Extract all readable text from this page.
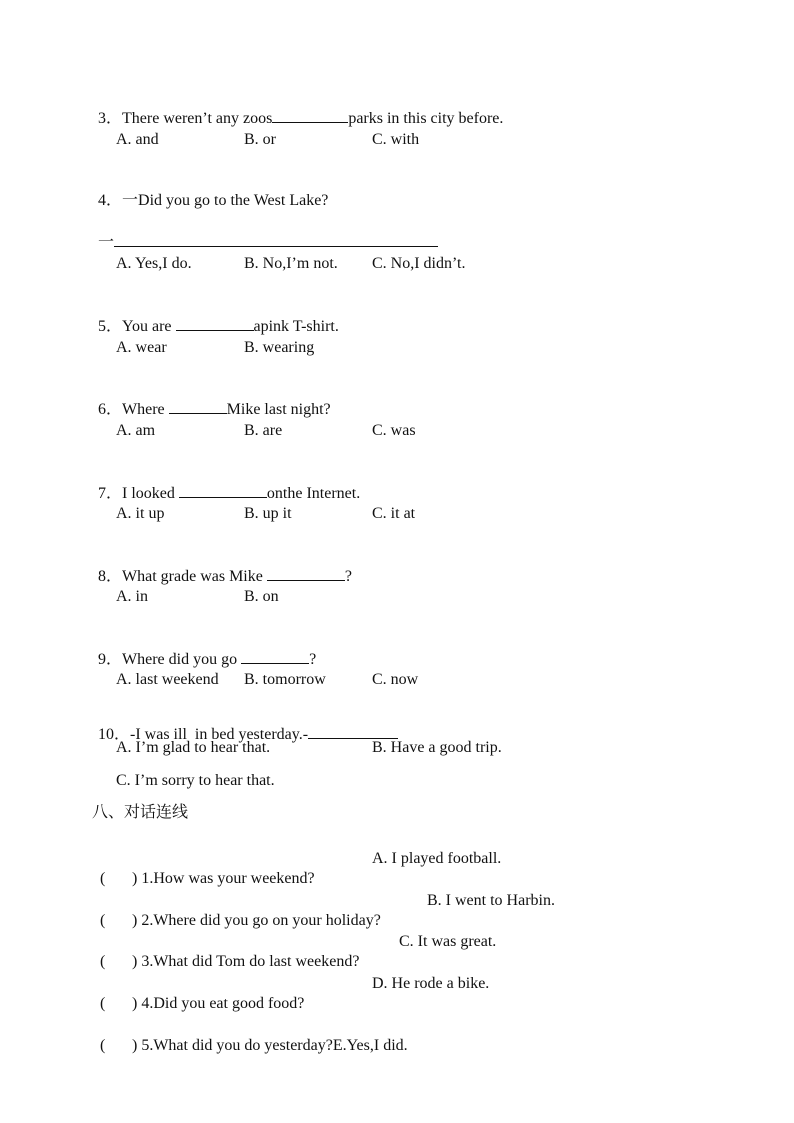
3．There weren’t any zoos	parks in this city before.

A. and	B. or	C. with

4．一Did you go to the West Lake?

一

A. Yes,I do.	B. No,I’m not. C. No,I didn’t.

5．You are	apink T-shirt.

A. wear	B. wearing

6．Where	Mike last night?

A. am	B. are	C. was

7．I looked	onthe Internet.

A. it up	B. up it	C. it at

8．What grade was Mike	?

A. in	B. on

9．Where did you go	?

A. last weekend B. tomorrow	C. now

10．-I was ill  in bed yesterday.-

A. I’m glad to hear that.	B. Have a good trip.
C. I’m sorry to hear that.
八、对话连线

(	) 1.How was your weekend?

A. I played football.

(	) 2.Where did you go on your holiday?

B. I went to Harbin.

(	) 3.What did Tom do last weekend?

C. It was great.

(	) 4.Did you eat good food?

D. He rode a bike.

(	) 5.What did you do yesterday?E.Yes,I did.
